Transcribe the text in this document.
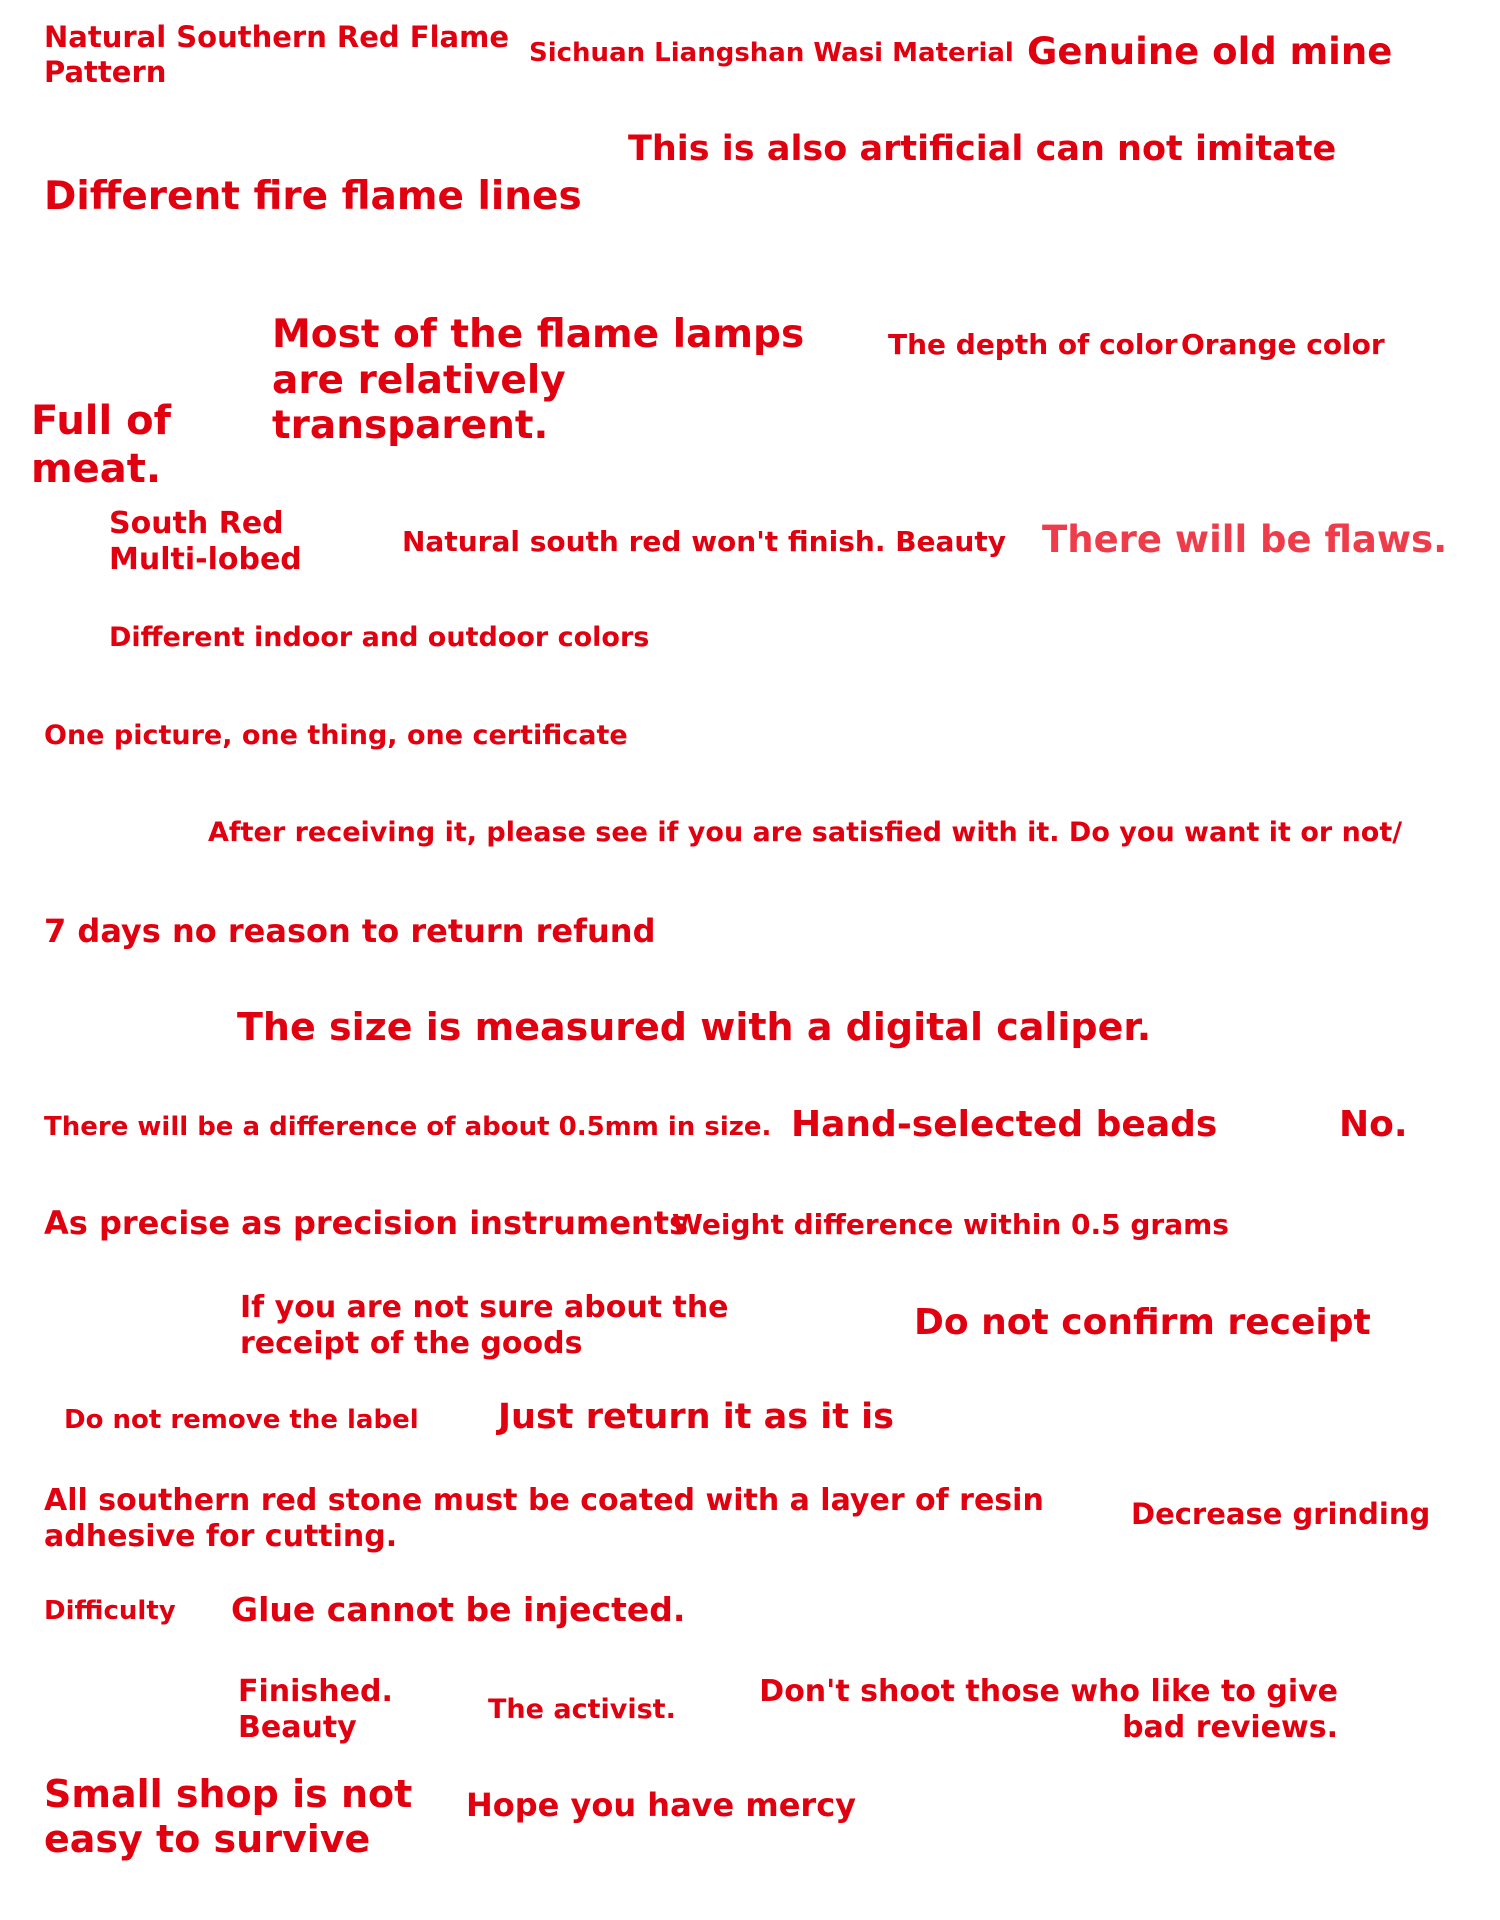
Natural Southern Red Flame Pattern

Sichuan Liangshan Wasi Material Genuine old mine

This is also artificial can not imitate

Different fire flame lines

Most of the flame lamps are relatively transparent.

The depth of color Orange color

Full of meat.

South Red Multi-lobed

Natural south red won't finish. Beauty There will be flaws.

Different indoor and outdoor colors

One picture, one thing, one certificate

After receiving it, please see if you are satisfied with it. Do you want it or not/

7 days no reason to return refund

The size is measured with a digital caliper.

There will be a difference of about 0.5mm in size. Hand-selected beads	No.

As precise as precision instruments

Weight difference within 0.5 grams

If you are not sure about the receipt of the goods

Do not confirm receipt

Do not remove the label Just return it as it is

All southern red stone must be coated with a layer of resin adhesive for cutting.

Decrease grinding

Difficulty Glue cannot be injected.

Finished. Beauty

The activist.

Don't shoot those who like to give bad reviews.

Small shop is not easy to survive

Hope you have mercy
